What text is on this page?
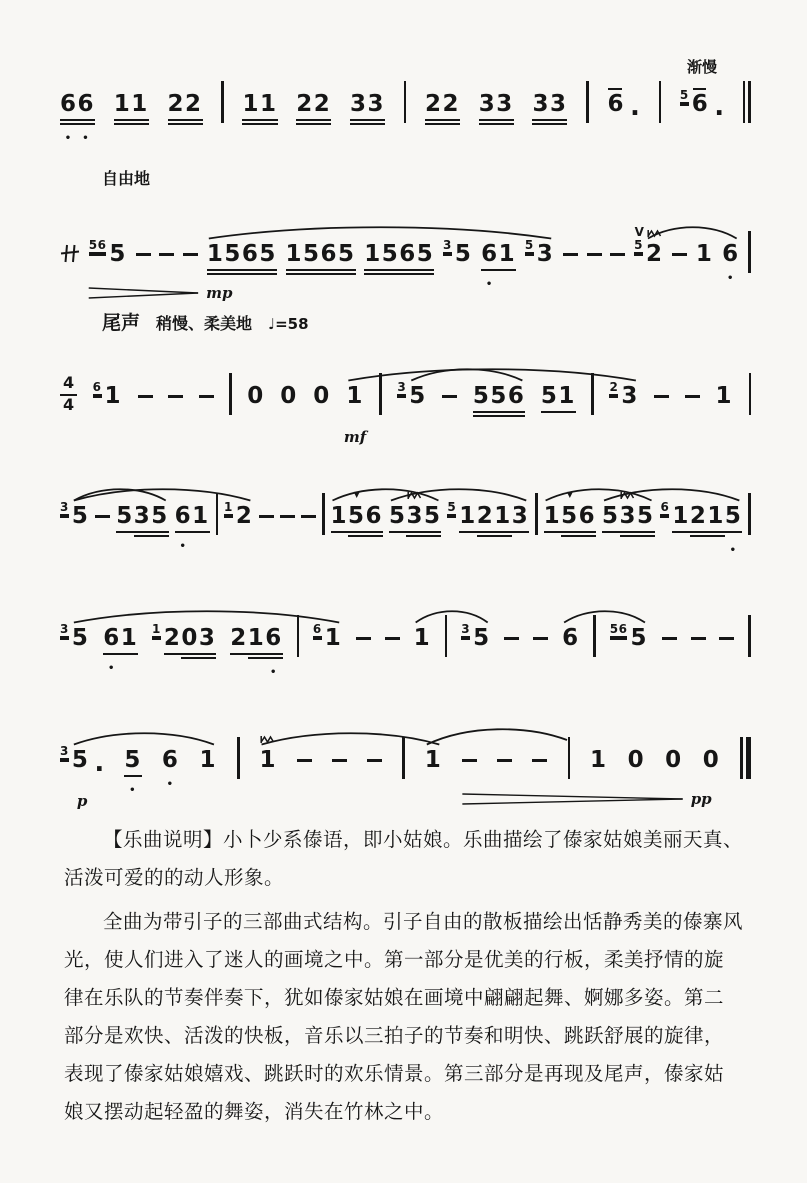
66
• •
11 22 11 22 33 22 33 33 6 .	5 6 .
渐慢
自由地
56 5	1565 1565 1565 3 5 61
•
5 3
V
5 2 1 6
•
mp
尾声 稍慢、柔美地 ♩=58
$\frac{4}{4} 6$ 1	0 0 0 1
mf
3 5 556 51	2 3	1
3 5 535 61
•
1 2
▼
156 535 5 1213
▼
156 535 6 1215
•
3 5 61
•
1 203 216
•
6 1	1	3 5	6	56 5
3 5 .
p
5
•
6
•
1 1	1	1 0 0 0
pp

【乐曲说明】小卜少系傣语，即小姑娘。乐曲描绘了傣家姑娘美丽天真、活泼可爱的的动人形象。

全曲为带引子的三部曲式结构。引子自由的散板描绘出恬静秀美的傣寨风光，使人们进入了迷人的画境之中。第一部分是优美的行板，柔美抒情的旋律在乐队的节奏伴奏下，犹如傣家姑娘在画境中翩翩起舞、婀娜多姿。第二部分是欢快、活泼的快板，音乐以三拍子的节奏和明快、跳跃舒展的旋律，表现了傣家姑娘嬉戏、跳跃时的欢乐情景。第三部分是再现及尾声，傣家姑娘又摆动起轻盈的舞姿，消失在竹林之中。
